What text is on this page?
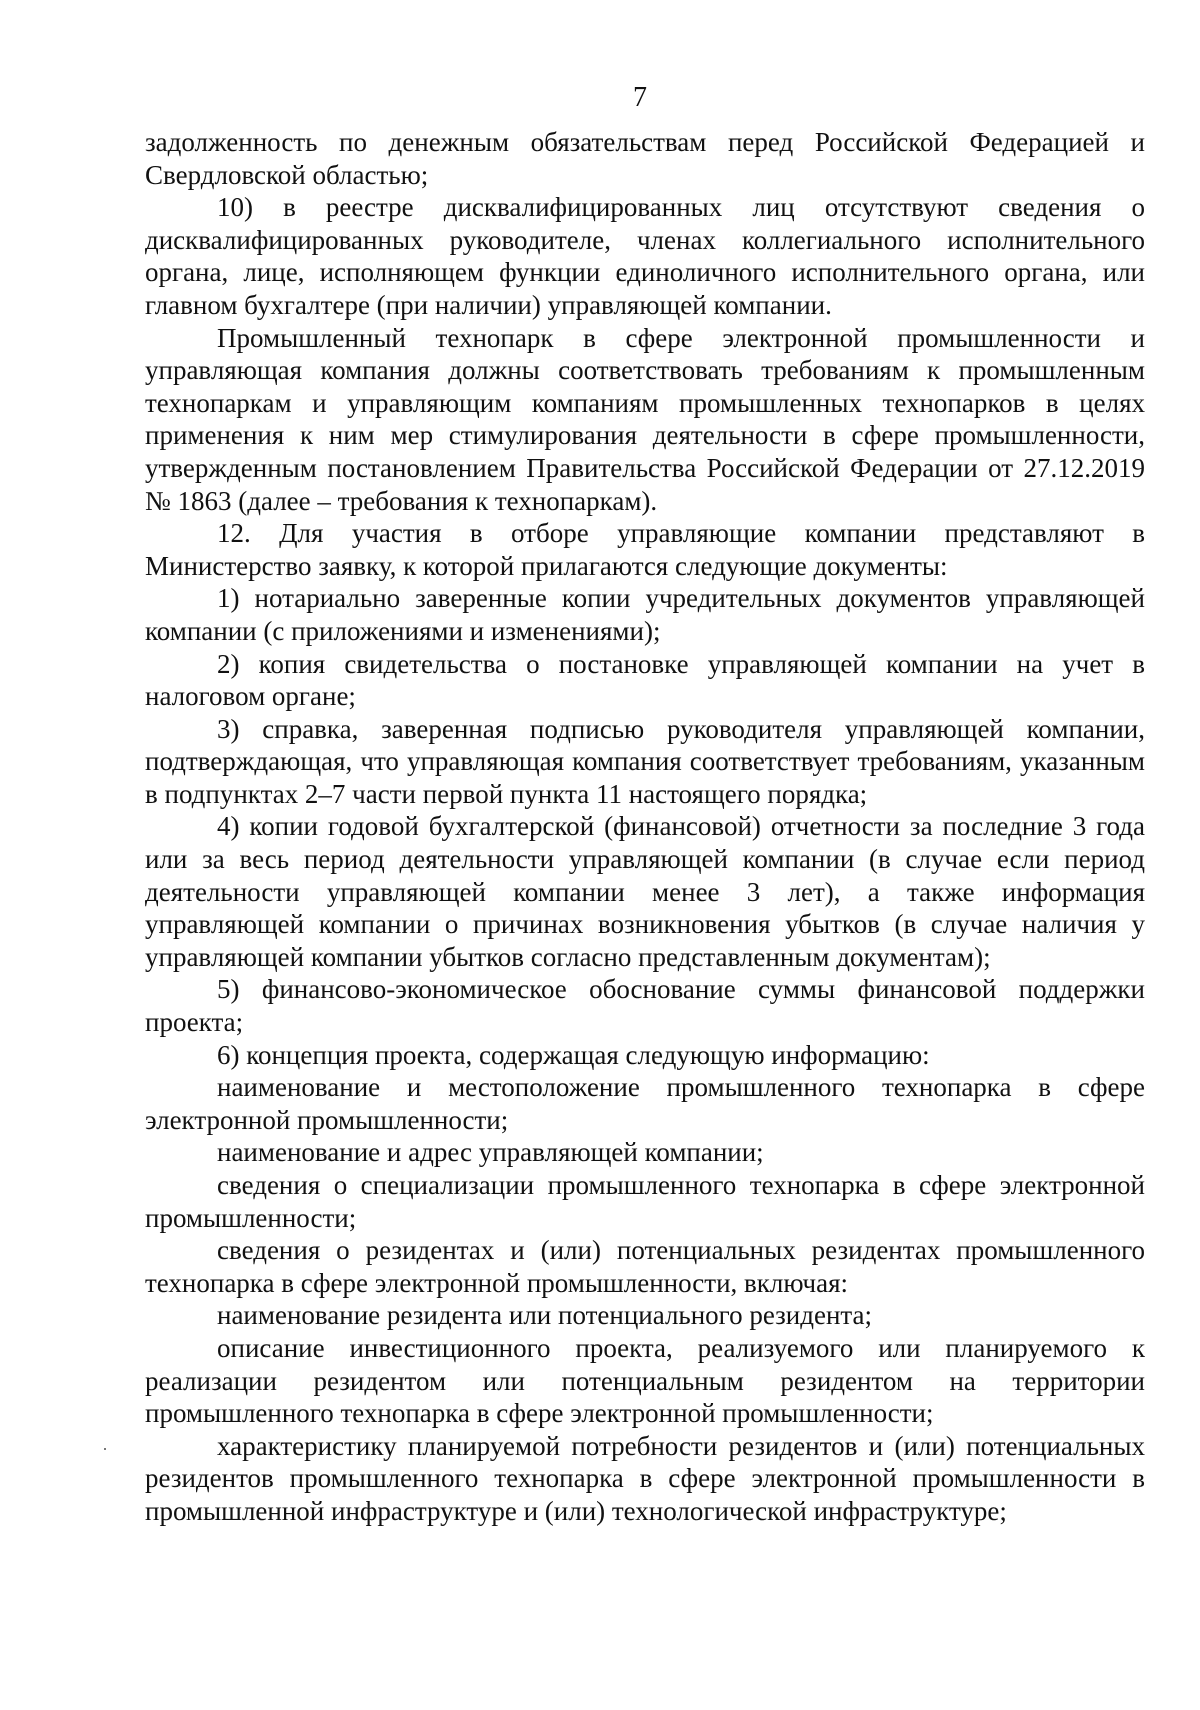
7

задолженность по денежным обязательствам перед Российской Федерацией и Свердловской областью;

10) в реестре дисквалифицированных лиц отсутствуют сведения о дисквалифицированных руководителе, членах коллегиального исполнительного органа, лице, исполняющем функции единоличного исполнительного органа, или главном бухгалтере (при наличии) управляющей компании.

Промышленный технопарк в сфере электронной промышленности и управляющая компания должны соответствовать требованиям к промышленным технопаркам и управляющим компаниям промышленных технопарков в целях применения к ним мер стимулирования деятельности в сфере промышленности, утвержденным постановлением Правительства Российской Федерации от 27.12.2019 № 1863 (далее – требования к технопаркам).

12. Для участия в отборе управляющие компании представляют в Министерство заявку, к которой прилагаются следующие документы:

1) нотариально заверенные копии учредительных документов управляющей компании (с приложениями и изменениями);

2) копия свидетельства о постановке управляющей компании на учет в налоговом органе;

3) справка, заверенная подписью руководителя управляющей компании, подтверждающая, что управляющая компания соответствует требованиям, указанным в подпунктах 2–7 части первой пункта 11 настоящего порядка;

4) копии годовой бухгалтерской (финансовой) отчетности за последние 3 года или за весь период деятельности управляющей компании (в случае если период деятельности управляющей компании менее 3 лет), а также информация управляющей компании о причинах возникновения убытков (в случае наличия у управляющей компании убытков согласно представленным документам);

5) финансово-экономическое обоснование суммы финансовой поддержки проекта;

6) концепция проекта, содержащая следующую информацию:

наименование и местоположение промышленного технопарка в сфере электронной промышленности;

наименование и адрес управляющей компании;

сведения о специализации промышленного технопарка в сфере электронной промышленности;

сведения о резидентах и (или) потенциальных резидентах промышленного технопарка в сфере электронной промышленности, включая:

наименование резидента или потенциального резидента;

описание инвестиционного проекта, реализуемого или планируемого к реализации резидентом или потенциальным резидентом на территории промышленного технопарка в сфере электронной промышленности;

характеристику планируемой потребности резидентов и (или) потенциальных резидентов промышленного технопарка в сфере электронной промышленности в промышленной инфраструктуре и (или) технологической инфраструктуре;
